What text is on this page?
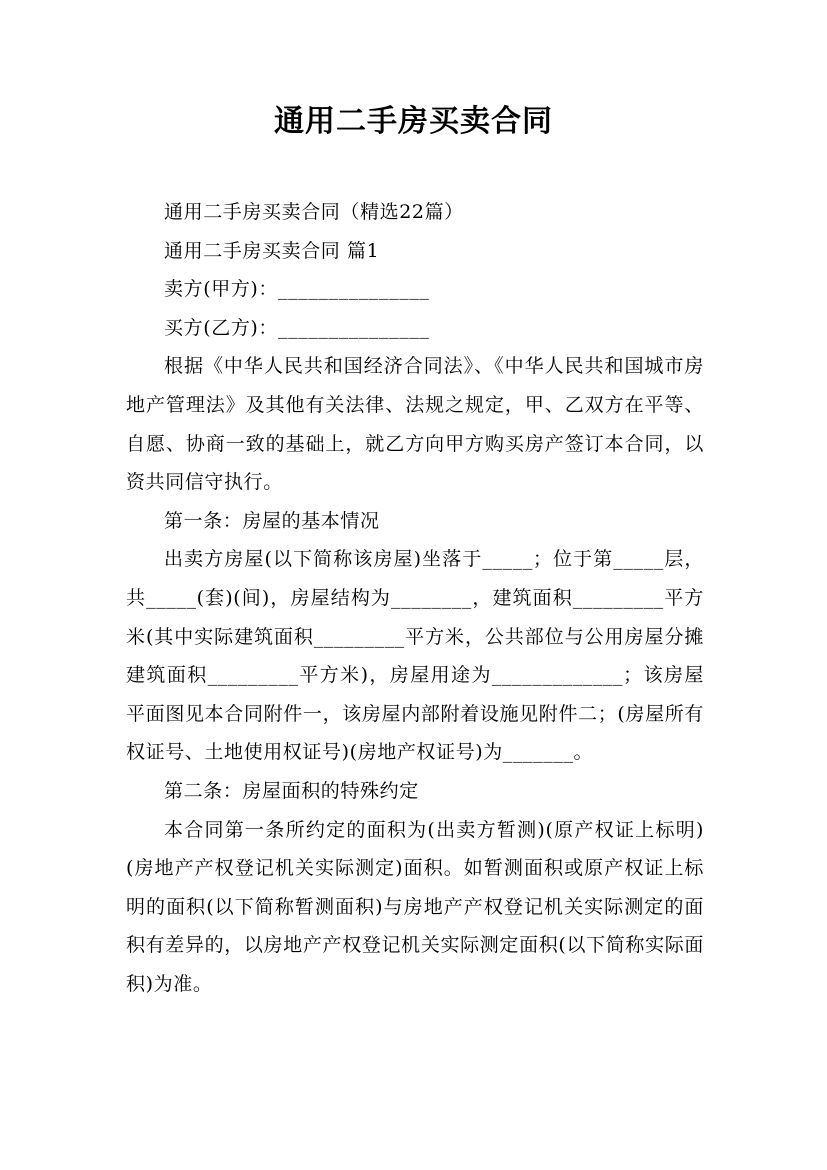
通用二手房买卖合同

通用二手房买卖合同（精选22篇）

通用二手房买卖合同 篇1

卖方(甲方)：_______________

买方(乙方)：_______________

根据《中华人民共和国经济合同法》、《中华人民共和国城市房地产管理法》及其他有关法律、法规之规定，甲、乙双方在平等、自愿、协商一致的基础上，就乙方向甲方购买房产签订本合同，以资共同信守执行。

第一条：房屋的基本情况

出卖方房屋(以下简称该房屋)坐落于_____；位于第_____层，共_____(套)(间)，房屋结构为________，建筑面积_________平方米(其中实际建筑面积_________平方米，公共部位与公用房屋分摊建筑面积_________平方米)，房屋用途为_____________；该房屋平面图见本合同附件一，该房屋内部附着设施见附件二；(房屋所有权证号、土地使用权证号)(房地产权证号)为_______。

第二条：房屋面积的特殊约定

本合同第一条所约定的面积为(出卖方暂测)(原产权证上标明)(房地产产权登记机关实际测定)面积。如暂测面积或原产权证上标明的面积(以下简称暂测面积)与房地产产权登记机关实际测定的面积有差异的，以房地产产权登记机关实际测定面积(以下简称实际面积)为准。
